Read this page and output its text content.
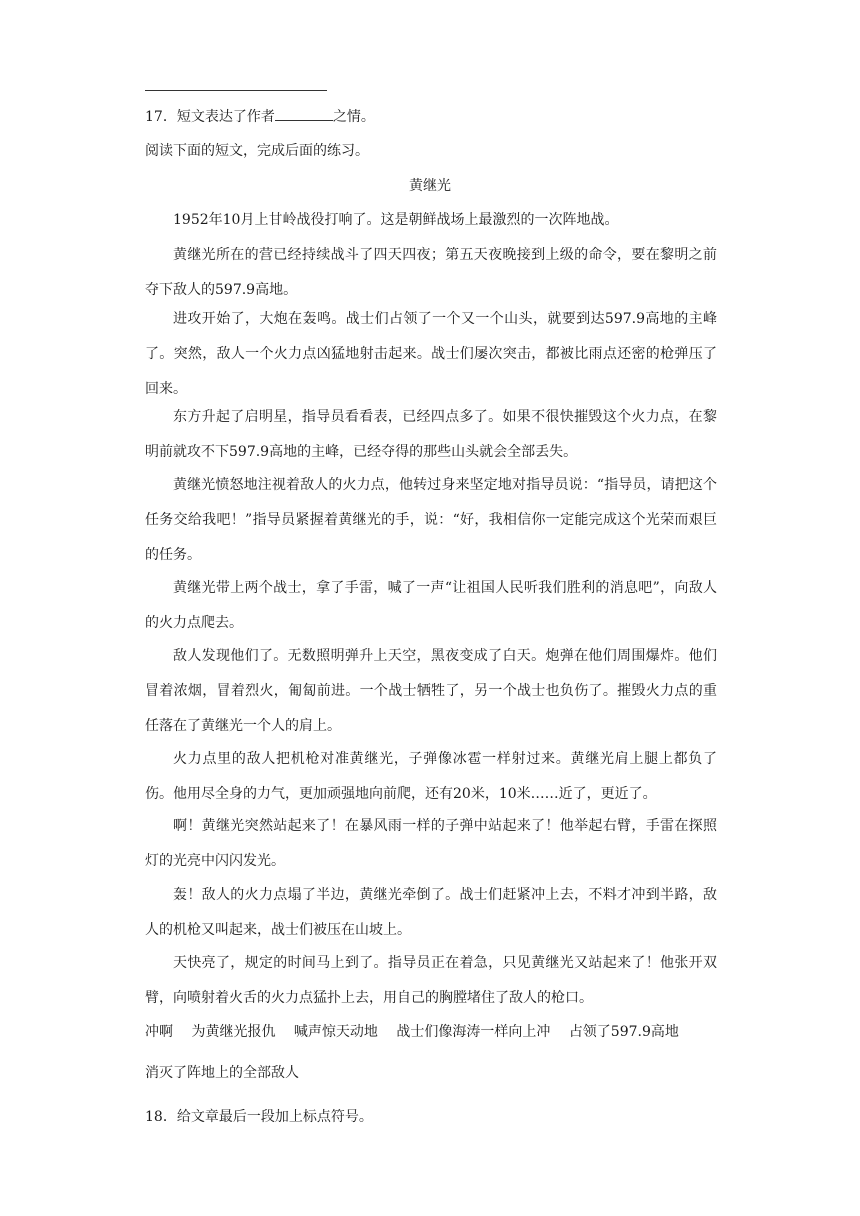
17．短文表达了作者	之情。
阅读下面的短文，完成后面的练习。
黄继光
1952年10月上甘岭战役打响了。这是朝鲜战场上最激烈的一次阵地战。
黄继光所在的营已经持续战斗了四天四夜；第五天夜晚接到上级的命令，要在黎明之前夺下敌人的597.9高地。
进攻开始了，大炮在轰鸣。战士们占领了一个又一个山头，就要到达597.9高地的主峰了。突然，敌人一个火力点凶猛地射击起来。战士们屡次突击，都被比雨点还密的枪弹压了回来。
东方升起了启明星，指导员看看表，已经四点多了。如果不很快摧毁这个火力点，在黎明前就攻不下597.9高地的主峰，已经夺得的那些山头就会全部丢失。
黄继光愤怒地注视着敌人的火力点，他转过身来坚定地对指导员说：“指导员，请把这个任务交给我吧！”指导员紧握着黄继光的手，说：“好，我相信你一定能完成这个光荣而艰巨的任务。
黄继光带上两个战士，拿了手雷，喊了一声“让祖国人民听我们胜利的消息吧”，向敌人的火力点爬去。
敌人发现他们了。无数照明弹升上天空，黑夜变成了白天。炮弹在他们周围爆炸。他们冒着浓烟，冒着烈火，匍匐前进。一个战士牺牲了，另一个战士也负伤了。摧毁火力点的重任落在了黄继光一个人的肩上。
火力点里的敌人把机枪对准黄继光，子弹像冰雹一样射过来。黄继光肩上腿上都负了伤。他用尽全身的力气，更加顽强地向前爬，还有20米，10米……近了，更近了。
啊！黄继光突然站起来了！在暴风雨一样的子弹中站起来了！他举起右臂，手雷在探照灯的光亮中闪闪发光。
轰！敌人的火力点塌了半边，黄继光牵倒了。战士们赶紧冲上去，不料才冲到半路，敌人的机枪又叫起来，战士们被压在山坡上。
天快亮了，规定的时间马上到了。指导员正在着急，只见黄继光又站起来了！他张开双臂，向喷射着火舌的火力点猛扑上去，用自己的胸膛堵住了敌人的枪口。
冲啊 为黄继光报仇 喊声惊天动地 战士们像海涛一样向上冲 占领了597.9高地 消灭了阵地上的全部敌人
18．给文章最后一段加上标点符号。
